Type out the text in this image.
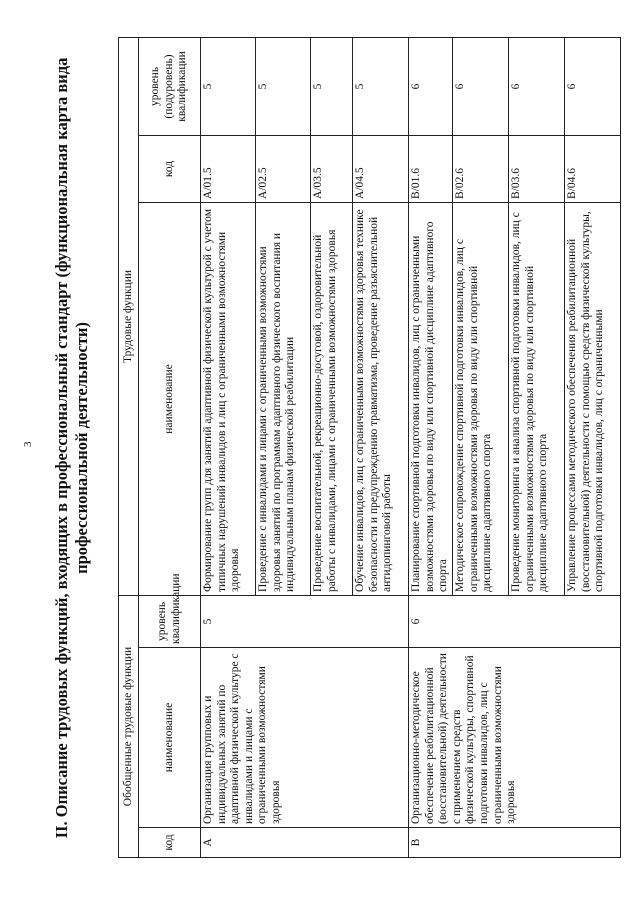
3 II. Описание трудовых функций, входящих в профессиональный стандарт (функциональная карта вида профессиональной деятельности)
Обобщенные трудовые функции			Трудовые функции		
код	наименование	уровень квалификации	наименование	код	уровень (подуровень) квалификации
A	Организация групповых и индивидуальных занятий по адаптивной физической культуре с инвалидами и лицами с ограниченными возможностями здоровья	5	Формирование групп для занятий адаптивной физической культурой с учетом типичных нарушений инвалидов и лиц с ограниченными возможностями здоровья	A/01.5	5
			Проведение с инвалидами и лицами с ограниченными возможностями здоровья занятий по программам адаптивного физического воспитания и индивидуальным планам физической реабилитации	A/02.5	5
			Проведение воспитательной, рекреационно-досуговой, оздоровительной работы с инвалидами, лицами с ограниченными возможностями здоровья	A/03.5	5
			Обучение инвалидов, лиц с ограниченными возможностями здоровья технике безопасности и предупреждению травматизма, проведение разъяснительной антидопинговой работы	A/04.5	5
B	Организационно-методическое обеспечение реабилитационной (восстановительной) деятельности с применением средств физической культуры, спортивной подготовки инвалидов, лиц с ограниченными возможностями здоровья	6	Планирование спортивной подготовки инвалидов, лиц с ограниченными возможностями здоровья по виду или спортивной дисциплине адаптивного спорта	B/01.6	6
			Методическое сопровождение спортивной подготовки инвалидов, лиц с ограниченными возможностями здоровья по виду или спортивной дисциплине адаптивного спорта	B/02.6	6
			Проведение мониторинга и анализа спортивной подготовки инвалидов, лиц с ограниченными возможностями здоровья по виду или спортивной дисциплине адаптивного спорта	B/03.6	6
			Управление процессами методического обеспечения реабилитационной (восстановительной) деятельности с помощью средств физической культуры, спортивной подготовки инвалидов, лиц с ограниченными	B/04.6	6
